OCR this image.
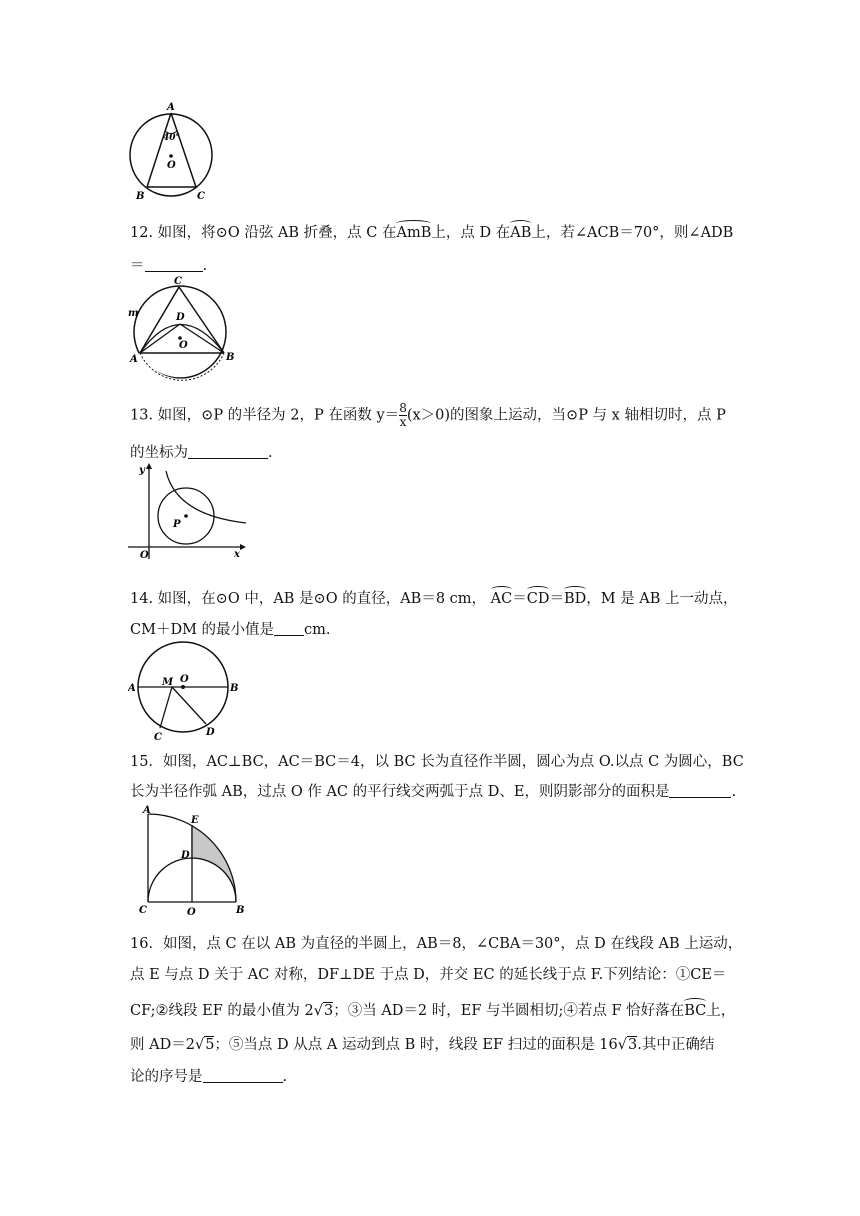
A
40°
O
B	C
12. 如图，将⊙O 沿弦 AB 折叠，点 C 在AmB上，点 D 在AB上，若∠ACB＝70°，则∠ADB
＝	.
C
m	D
O
A	B
13. 如图，⊙P 的半径为 2，P 在函数 $y= \frac{8}{x} (x>0)$的图象上运动，当⊙P 与 x 轴相切时，点 P
的坐标为	.
y
P
O	x
14. 如图，在⊙O 中，AB 是⊙O 的直径，AB＝8 cm， AC＝CD＝BD，M 是 AB 上一动点，
CM＋DM 的最小值是 cm.
A
M O
B
C	D
15．如图，AC⊥BC，AC＝BC＝4，以 BC 长为直径作半圆，圆心为点 O.以点 C 为圆心，BC
长为半径作弧 AB，过点 O 作 AC 的平行线交两弧于点 D、E，则阴影部分的面积是	.
A
E
D
C	O	B
16．如图，点 C 在以 AB 为直径的半圆上，AB＝8，∠CBA＝30°，点 D 在线段 AB 上运动，
点 E 与点 D 关于 AC 对称，DF⊥DE 于点 D，并交 EC 的延长线于点 F.下列结论：①CE＝
CF;②线段 EF 的最小值为 2√3；③当 AD＝2 时，EF 与半圆相切;④若点 F 恰好落在BC上，
则 AD＝2√5；⑤当点 D 从点 A 运动到点 B 时，线段 EF 扫过的面积是 16√3.其中正确结
论的序号是	.
